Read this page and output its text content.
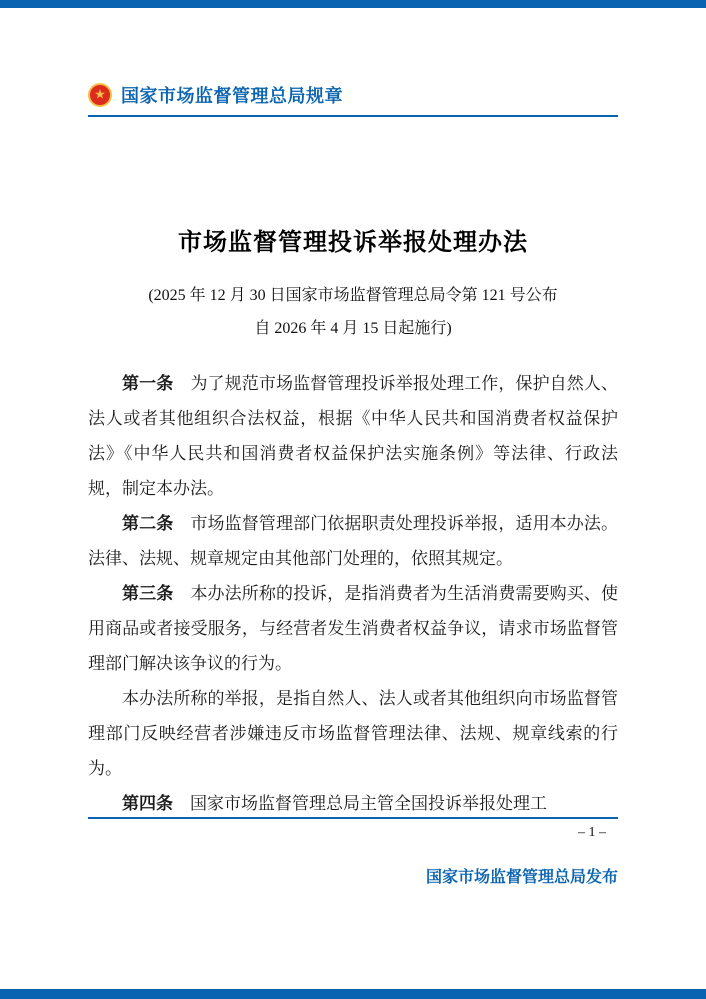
★ 国家市场监督管理总局规章
市场监督管理投诉举报处理办法
(2025 年 12 月 30 日国家市场监督管理总局令第 121 号公布
自 2026 年 4 月 15 日起施行)

第一条 为了规范市场监督管理投诉举报处理工作，保护自然人、法人或者其他组织合法权益，根据《中华人民共和国消费者权益保护法》《中华人民共和国消费者权益保护法实施条例》等法律、行政法规，制定本办法。

第二条 市场监督管理部门依据职责处理投诉举报，适用本办法。法律、法规、规章规定由其他部门处理的，依照其规定。

第三条 本办法所称的投诉，是指消费者为生活消费需要购买、使用商品或者接受服务，与经营者发生消费者权益争议，请求市场监督管理部门解决该争议的行为。

本办法所称的举报，是指自然人、法人或者其他组织向市场监督管理部门反映经营者涉嫌违反市场监督管理法律、法规、规章线索的行为。

第四条 国家市场监督管理总局主管全国投诉举报处理工

– 1 –
国家市场监督管理总局发布
